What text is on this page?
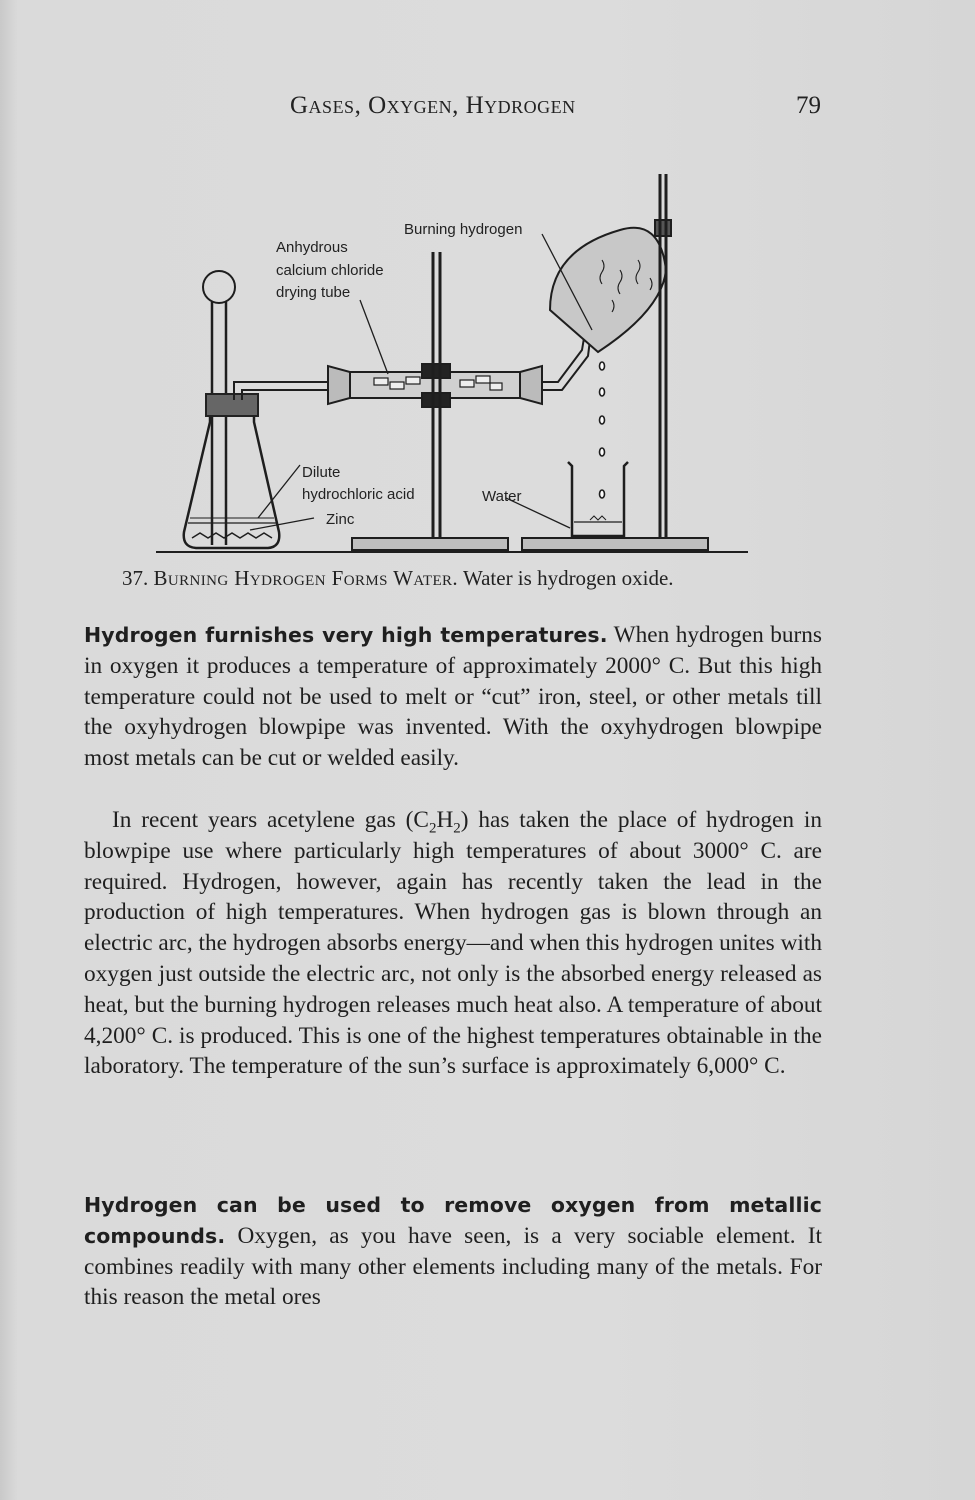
Gases, Oxygen, Hydrogen	79
Anhydrous
calcium chloride
drying tube
Burning hydrogen
Dilute
hydrochloric acid
Zinc
Water
37. Burning Hydrogen Forms Water. Water is hydrogen oxide.

Hydrogen furnishes very high temperatures. When hydrogen burns in oxygen it produces a temperature of approximately 2000° C. But this high temperature could not be used to melt or “cut” iron, steel, or other metals till the oxyhydrogen blowpipe was invented. With the oxyhydrogen blowpipe most metals can be cut or welded easily.

In recent years acetylene gas $(C_2H_2)$ has taken the place of hydrogen in blowpipe use where particularly high temperatures of about 3000° C. are required. Hydrogen, however, again has recently taken the lead in the production of high temperatures. When hydrogen gas is blown through an electric arc, the hydrogen absorbs energy—and when this hydrogen unites with oxygen just outside the electric arc, not only is the absorbed energy released as heat, but the burning hydrogen releases much heat also. A temperature of about 4,200° C. is produced. This is one of the highest temperatures obtainable in the laboratory. The temperature of the sun’s surface is approximately 6,000° C.

Hydrogen can be used to remove oxygen from metallic compounds. Oxygen, as you have seen, is a very sociable element. It combines readily with many other elements including many of the metals. For this reason the metal ores
